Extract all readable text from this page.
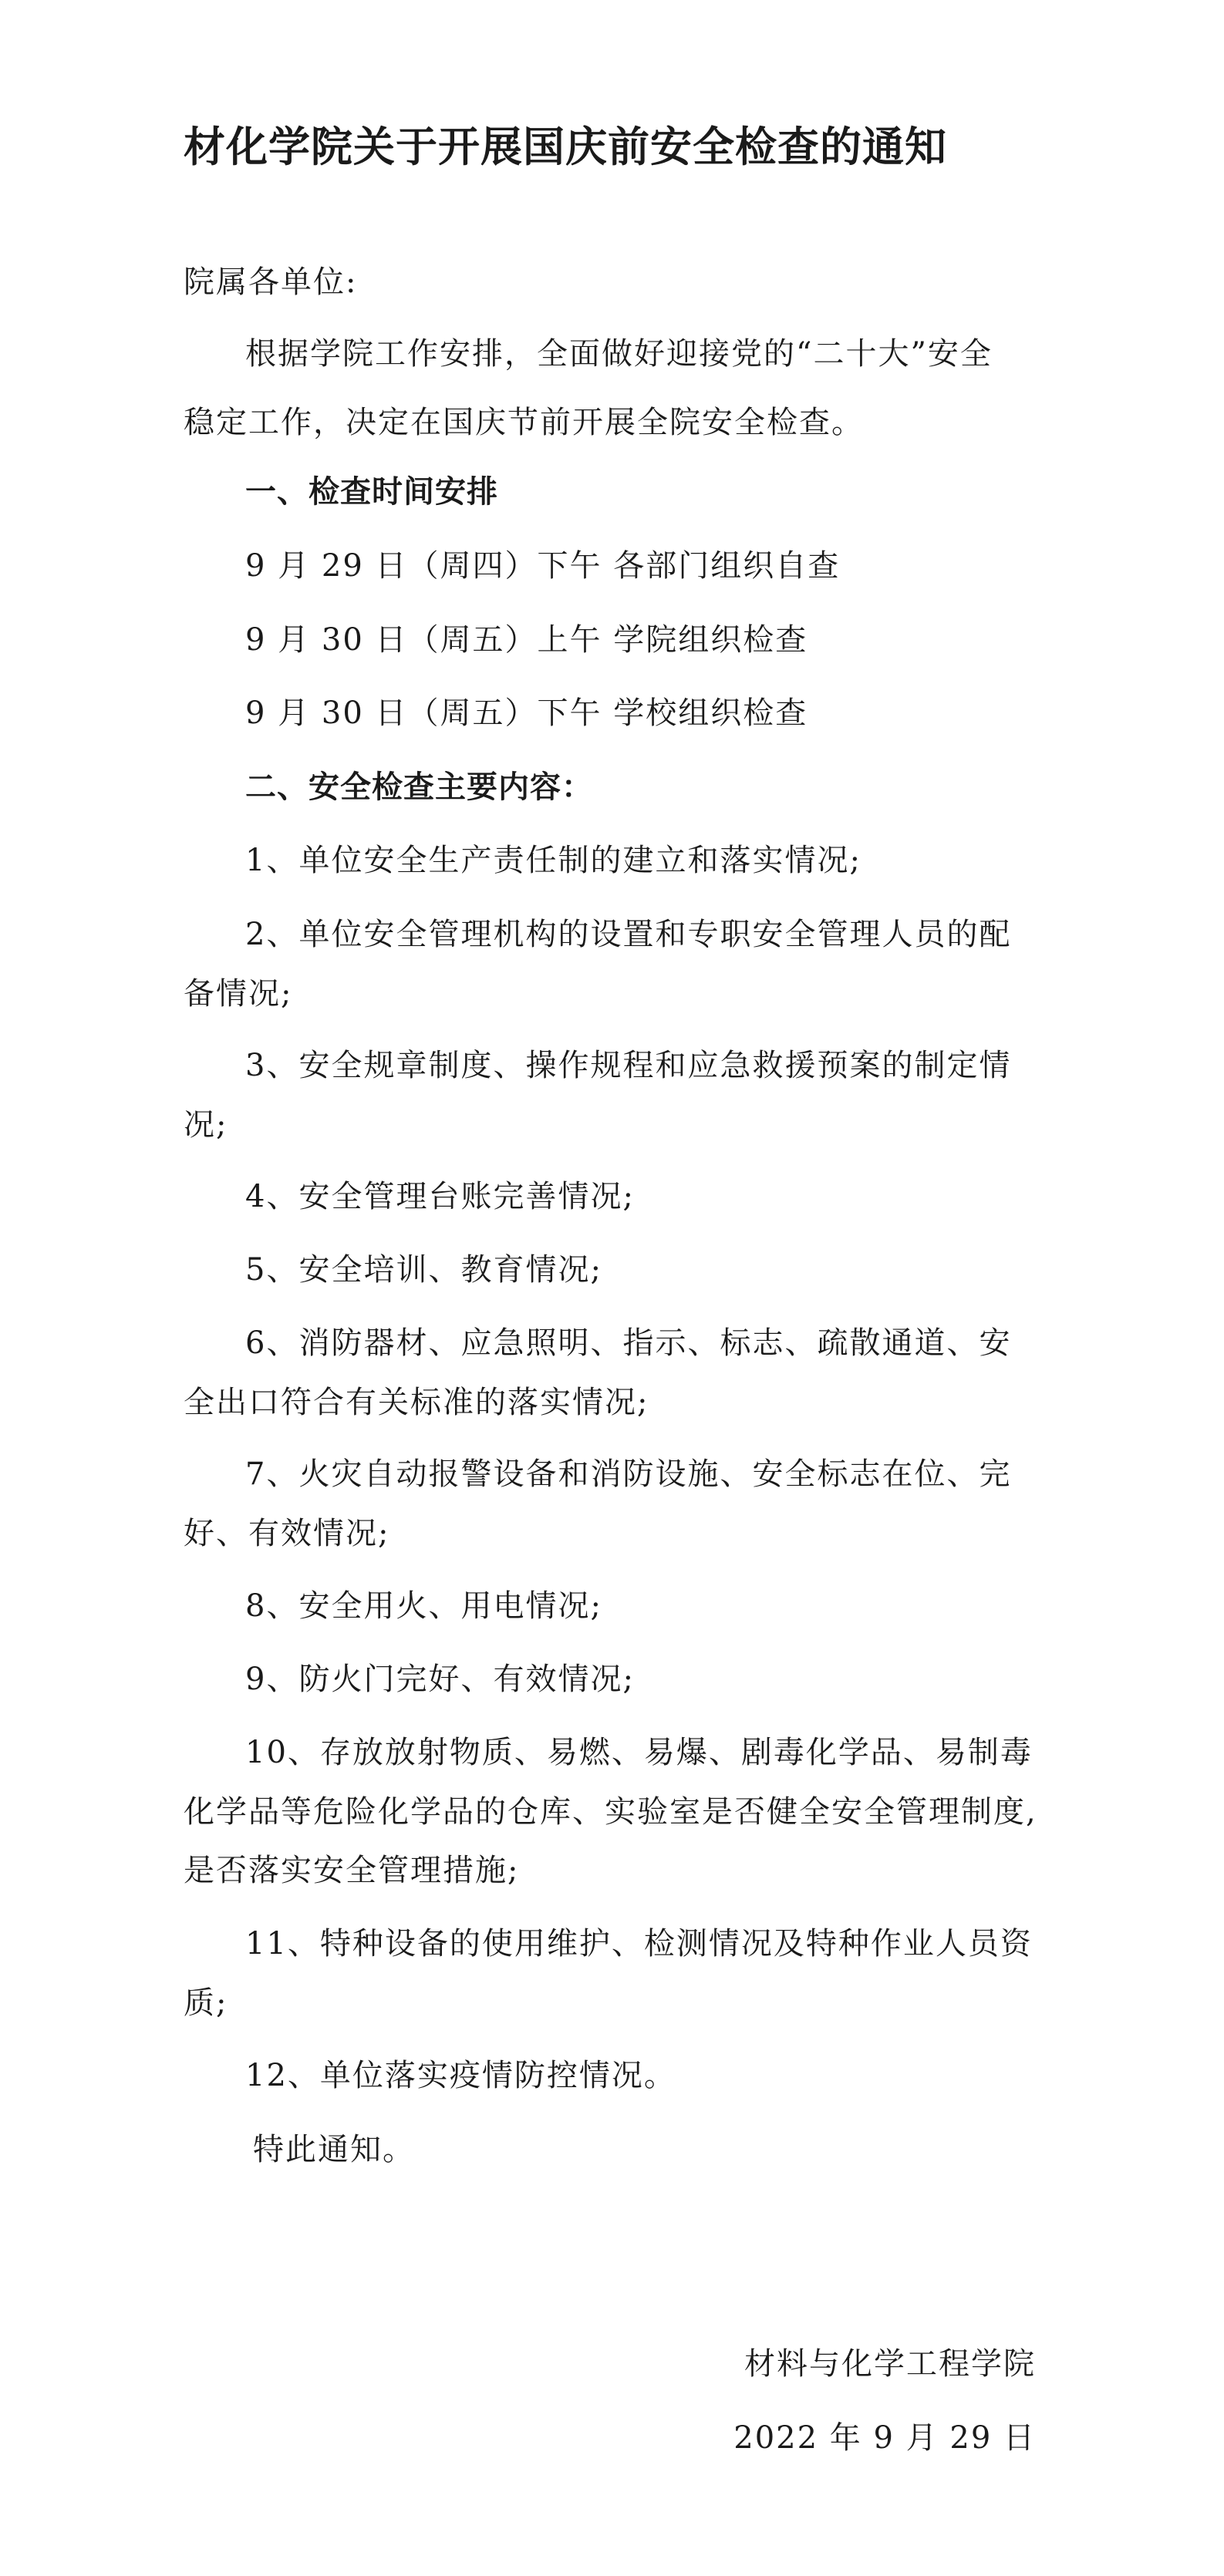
材化学院关于开展国庆前安全检查的通知
院属各单位:
根据学院工作安排，全面做好迎接党的“二十大”安全
稳定工作，决定在国庆节前开展全院安全检查。
一、检查时间安排
9 月 29 日（周四）下午 各部门组织自查
9 月 30 日（周五）上午 学院组织检查
9 月 30 日（周五）下午 学校组织检查
二、安全检查主要内容：
1、单位安全生产责任制的建立和落实情况;
2、单位安全管理机构的设置和专职安全管理人员的配
备情况;
3、安全规章制度、操作规程和应急救援预案的制定情
况;
4、安全管理台账完善情况;
5、安全培训、教育情况;
6、消防器材、应急照明、指示、标志、疏散通道、安
全出口符合有关标准的落实情况;
7、火灾自动报警设备和消防设施、安全标志在位、完
好、有效情况;
8、安全用火、用电情况;
9、防火门完好、有效情况;
10、存放放射物质、易燃、易爆、剧毒化学品、易制毒
化学品等危险化学品的仓库、实验室是否健全安全管理制度,
是否落实安全管理措施;
11、特种设备的使用维护、检测情况及特种作业人员资
质;
12、单位落实疫情防控情况。
特此通知。
材料与化学工程学院
2022 年 9 月 29 日
